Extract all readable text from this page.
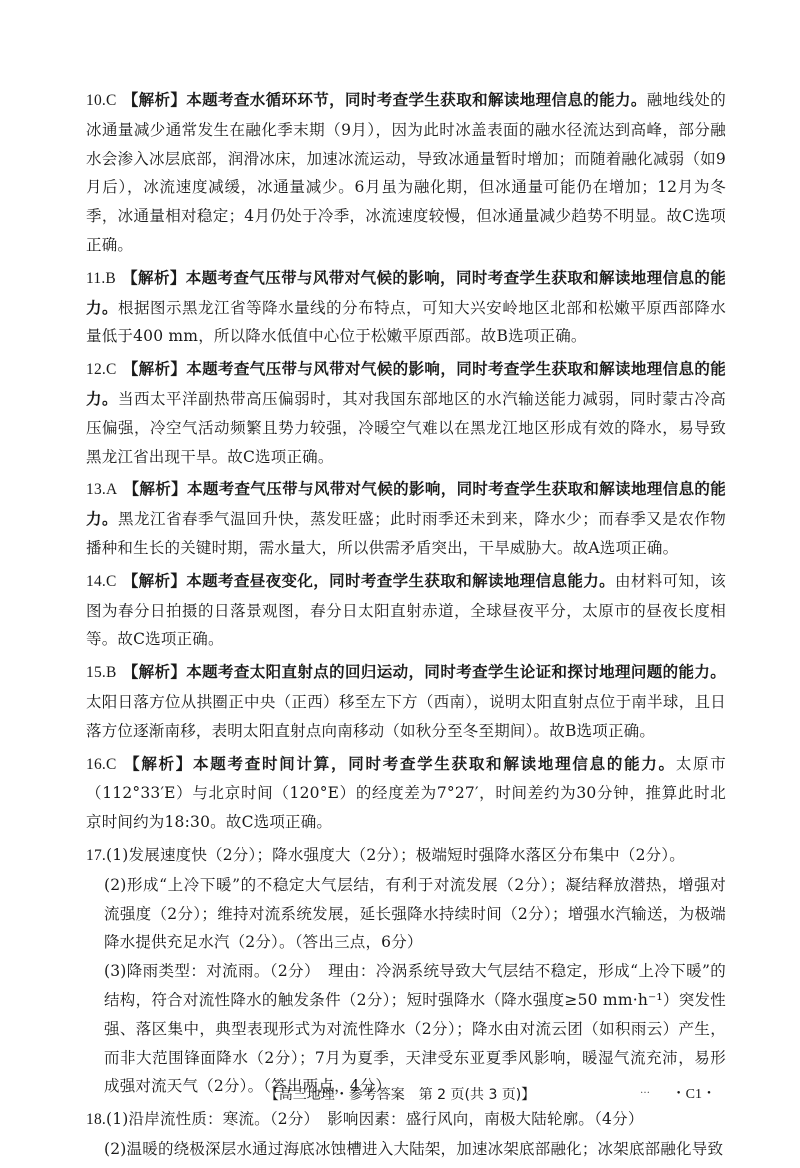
10.C 【解析】本题考查水循环环节，同时考查学生获取和解读地理信息的能力。融地线处的冰通量减少通常发生在融化季末期（9月），因为此时冰盖表面的融水径流达到高峰，部分融水会渗入冰层底部，润滑冰床，加速冰流运动，导致冰通量暂时增加；而随着融化减弱（如9月后），冰流速度减缓，冰通量减少。6月虽为融化期，但冰通量可能仍在增加；12月为冬季，冰通量相对稳定；4月仍处于冷季，冰流速度较慢，但冰通量减少趋势不明显。故C选项正确。
11.B 【解析】本题考查气压带与风带对气候的影响，同时考查学生获取和解读地理信息的能力。根据图示黑龙江省等降水量线的分布特点，可知大兴安岭地区北部和松嫩平原西部降水量低于400 mm，所以降水低值中心位于松嫩平原西部。故B选项正确。
12.C 【解析】本题考查气压带与风带对气候的影响，同时考查学生获取和解读地理信息的能力。当西太平洋副热带高压偏弱时，其对我国东部地区的水汽输送能力减弱，同时蒙古冷高压偏强，冷空气活动频繁且势力较强，冷暖空气难以在黑龙江地区形成有效的降水，易导致黑龙江省出现干旱。故C选项正确。
13.A 【解析】本题考查气压带与风带对气候的影响，同时考查学生获取和解读地理信息的能力。黑龙江省春季气温回升快，蒸发旺盛；此时雨季还未到来，降水少；而春季又是农作物播种和生长的关键时期，需水量大，所以供需矛盾突出，干旱威胁大。故A选项正确。
14.C 【解析】本题考查昼夜变化，同时考查学生获取和解读地理信息能力。由材料可知，该图为春分日拍摄的日落景观图，春分日太阳直射赤道，全球昼夜平分，太原市的昼夜长度相等。故C选项正确。
15.B 【解析】本题考查太阳直射点的回归运动，同时考查学生论证和探讨地理问题的能力。太阳日落方位从拱圈正中央（正西）移至左下方（西南），说明太阳直射点位于南半球，且日落方位逐渐南移，表明太阳直射点向南移动（如秋分至冬至期间）。故B选项正确。
16.C 【解析】本题考查时间计算，同时考查学生获取和解读地理信息的能力。太原市（112°33′E）与北京时间（120°E）的经度差为7°27′，时间差约为30分钟，推算此时北京时间约为18:30。故C选项正确。

17.(1)发展速度快（2分）；降水强度大（2分）；极端短时强降水落区分布集中（2分）。

(2)形成“上冷下暖”的不稳定大气层结，有利于对流发展（2分）；凝结释放潜热，增强对流强度（2分）；维持对流系统发展，延长强降水持续时间（2分）；增强水汽输送，为极端降水提供充足水汽（2分）。（答出三点，6分）

(3)降雨类型：对流雨。（2分）　理由：冷涡系统导致大气层结不稳定，形成“上冷下暖”的结构，符合对流性降水的触发条件（2分）；短时强降水（降水强度≥50 mm·h⁻¹）突发性强、落区集中，典型表现形式为对流性降水（2分）；降水由对流云团（如积雨云）产生，而非大范围锋面降水（2分）；7月为夏季，天津受东亚夏季风影响，暖湿气流充沛，易形成强对流天气（2分）。（答出两点，4分）

18.(1)沿岸流性质：寒流。（2分）　影响因素：盛行风向，南极大陆轮廓。（4分）

(2)温暖的绕极深层水通过海底冰蚀槽进入大陆架，加速冰架底部融化；冰架底部融化导致

【高三地理・参考答案　第 2 页(共 3 页)】	… ・C1・
